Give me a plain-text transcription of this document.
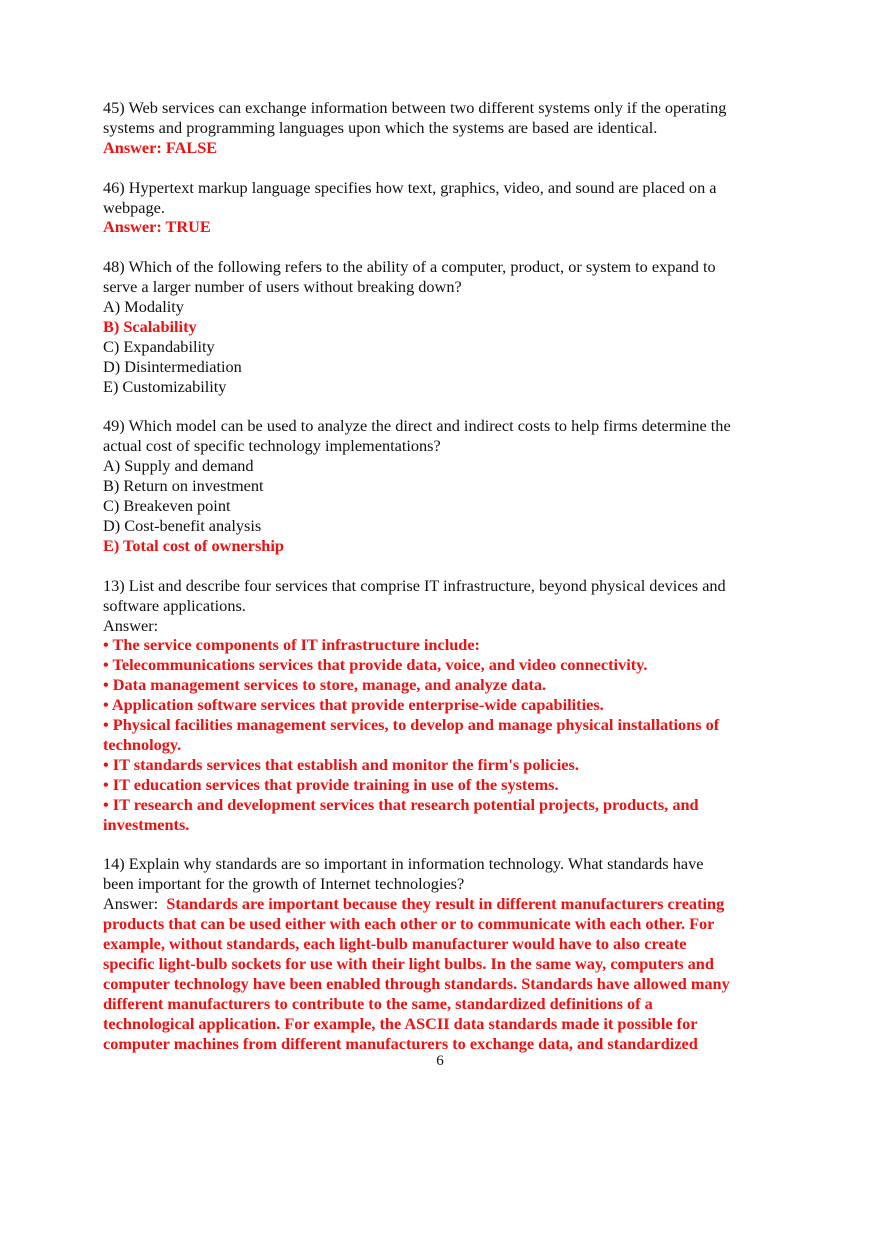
45) Web services can exchange information between two different systems only if the operating
systems and programming languages upon which the systems are based are identical.
Answer: FALSE
46) Hypertext markup language specifies how text, graphics, video, and sound are placed on a
webpage.
Answer: TRUE
48) Which of the following refers to the ability of a computer, product, or system to expand to
serve a larger number of users without breaking down?
A) Modality
B) Scalability
C) Expandability
D) Disintermediation
E) Customizability
49) Which model can be used to analyze the direct and indirect costs to help firms determine the
actual cost of specific technology implementations?
A) Supply and demand
B) Return on investment
C) Breakeven point
D) Cost-benefit analysis
E) Total cost of ownership
13) List and describe four services that comprise IT infrastructure, beyond physical devices and
software applications.
Answer:
• The service components of IT infrastructure include:
• Telecommunications services that provide data, voice, and video connectivity.
• Data management services to store, manage, and analyze data.
• Application software services that provide enterprise-wide capabilities.
• Physical facilities management services, to develop and manage physical installations of
technology.
• IT standards services that establish and monitor the firm's policies.
• IT education services that provide training in use of the systems.
• IT research and development services that research potential projects, products, and
investments.
14) Explain why standards are so important in information technology. What standards have
been important for the growth of Internet technologies?
Answer:  Standards are important because they result in different manufacturers creating
products that can be used either with each other or to communicate with each other. For
example, without standards, each light-bulb manufacturer would have to also create
specific light-bulb sockets for use with their light bulbs. In the same way, computers and
computer technology have been enabled through standards. Standards have allowed many
different manufacturers to contribute to the same, standardized definitions of a
technological application. For example, the ASCII data standards made it possible for
computer machines from different manufacturers to exchange data, and standardized
6
